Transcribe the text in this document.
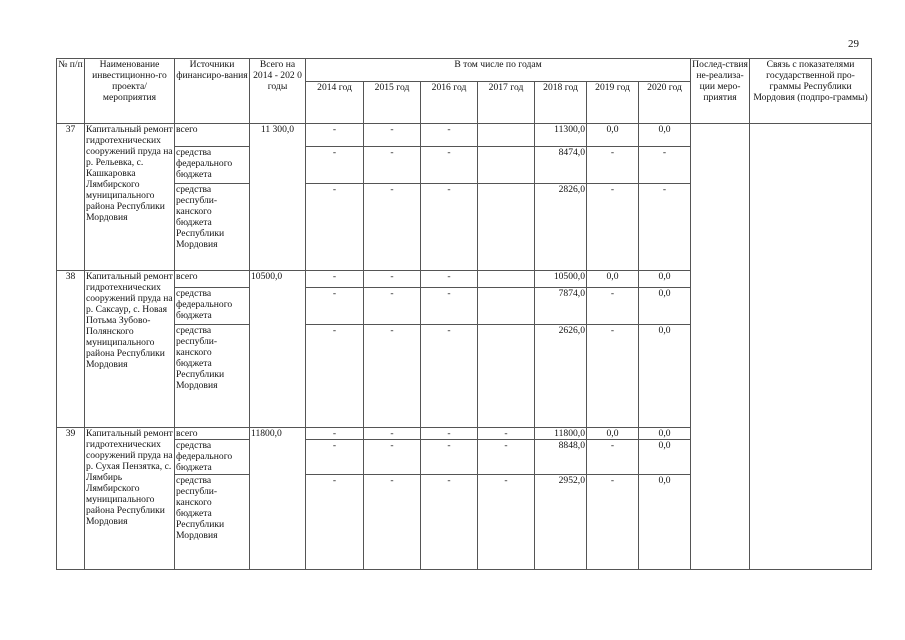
29
№ п/п	Наименование инвестиционно-го проекта/ мероприятия	Источники финансиро-вания	Всего на 2014 - 202 0 годы	В том числе по годам							Послед-ствия не-реализа-ции меро-приятия	Связь с показателями государственной про-граммы Республики Мордовия (подпро-граммы)
				2014 год	2015 год	2016 год	2017 год	2018 год	2019 год	2020 год		
37	Капитальный ремонт гидротехнических сооружений пруда на р. Рельевка, с. Кашкаровка Лямбирского муниципального района Республики Мордовия	всего	11 300,0	-	-	-		11300,0	0,0	0,0		
		средства федерального бюджета		-	-	-		8474,0	-	-		
		средства республи-канского бюджета Республики Мордовия		-	-	-		2826,0	-	-		
38	Капитальный ремонт гидротехнических сооружений пруда на р. Саксаур, с. Новая Потьма Зубово-Полянского муниципального района Республики Мордовия	всего	10500,0	-	-	-		10500,0	0,0	0,0		
		средства федерального бюджета		-	-	-		7874,0	-	0,0		
		средства республи-канского бюджета Республики Мордовия		-	-	-		2626,0	-	0,0		
39	Капитальный ремонт гидротехнических сооружений пруда на р. Сухая Пензятка, с. Лямбирь Лямбирского муниципального района Республики Мордовия	всего	11800,0	-	-	-	-	11800,0	0,0	0,0		
		средства федерального бюджета		-	-	-	-	8848,0	-	0,0		
		средства республи-канского бюджета Республики Мордовия		-	-	-	-	2952,0	-	0,0		
